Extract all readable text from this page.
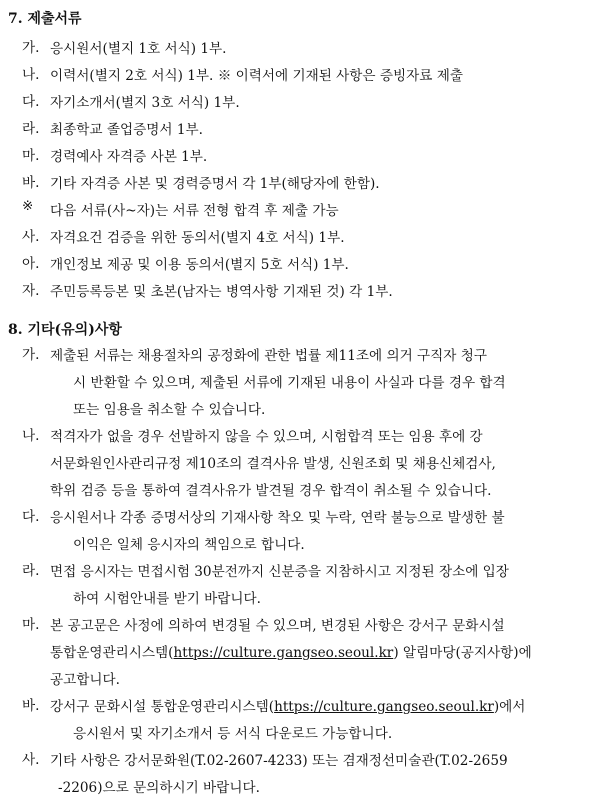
7. 제출서류
가. 응시원서(별지 1호 서식) 1부.
나. 이력서(별지 2호 서식) 1부. ※ 이력서에 기재된 사항은 증빙자료 제출
다. 자기소개서(별지 3호 서식) 1부.
라. 최종학교 졸업증명서 1부.
마. 경력예사 자격증 사본 1부.
바. 기타 자격증 사본 및 경력증명서 각 1부(해당자에 한함).
※ 다음 서류(사~자)는 서류 전형 합격 후 제출 가능
사. 자격요건 검증을 위한 동의서(별지 4호 서식) 1부.
아. 개인정보 제공 및 이용 동의서(별지 5호 서식) 1부.
자. 주민등록등본 및 초본(남자는 병역사항 기재된 것) 각 1부.
8. 기타(유의)사항
가. 제출된 서류는 채용절차의 공정화에 관한 법률 제11조에 의거 구직자 청구
시 반환할 수 있으며, 제출된 서류에 기재된 내용이 사실과 다를 경우 합격
또는 임용을 취소할 수 있습니다.
나. 적격자가 없을 경우 선발하지 않을 수 있으며, 시험합격 또는 임용 후에 강
서문화원인사관리규정 제10조의 결격사유 발생, 신원조회 및 채용신체검사,
학위 검증 등을 통하여 결격사유가 발견될 경우 합격이 취소될 수 있습니다.
다. 응시원서나 각종 증명서상의 기재사항 착오 및 누락, 연락 불능으로 발생한 불
이익은 일체 응시자의 책임으로 합니다.
라. 면접 응시자는 면접시험 30분전까지 신분증을 지참하시고 지정된 장소에 입장
하여 시험안내를 받기 바랍니다.
마. 본 공고문은 사정에 의하여 변경될 수 있으며, 변경된 사항은 강서구 문화시설
통합운영관리시스템(https://culture.gangseo.seoul.kr) 알림마당(공지사항)에
공고합니다.
바. 강서구 문화시설 통합운영관리시스템(https://culture.gangseo.seoul.kr)에서
응시원서 및 자기소개서 등 서식 다운로드 가능합니다.
사. 기타 사항은 강서문화원(T.02-2607-4233) 또는 겸재정선미술관(T.02-2659
-2206)으로 문의하시기 바랍니다.
